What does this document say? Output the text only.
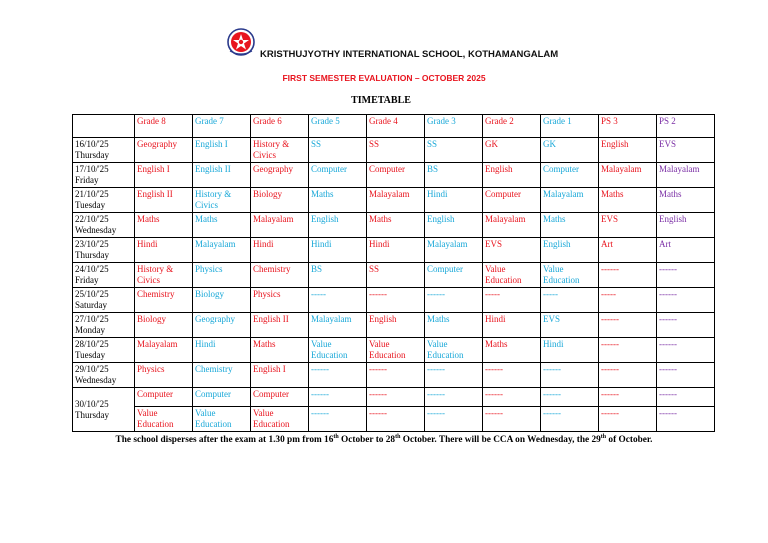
KRISTHUJYOTHY INTERNATIONAL SCHOOL, KOTHAMANGALAM
FIRST SEMESTER EVALUATION – OCTOBER 2025
TIMETABLE
	Grade 8	Grade 7	Grade 6	Grade 5	Grade 4	Grade 3	Grade 2	Grade 1	PS 3	PS 2

16/10/'25
Thursday	Geography	English I	History & Civics	SS	SS	SS	GK	GK	English	EVS

17/10/'25
Friday	English I	English II	Geography	Computer	Computer	BS	English	Computer	Malayalam	Malayalam

21/10/'25
Tuesday	English II	History & Civics	Biology	Maths	Malayalam	Hindi	Computer	Malayalam	Maths	Maths

22/10/'25
Wednesday	Maths	Maths	Malayalam	English	Maths	English	Malayalam	Maths	EVS	English

23/10/'25
Thursday	Hindi	Malayalam	Hindi	Hindi	Hindi	Malayalam	EVS	English	Art	Art

24/10/'25
Friday	History & Civics	Physics	Chemistry	BS	SS	Computer	Value Education	Value Education	------	------

25/10/'25
Saturday	Chemistry	Biology	Physics	-----	------	------	-----	-----	-----	------

27/10/'25
Monday	Biology	Geography	English II	Malayalam	English	Maths	Hindi	EVS	------	------

28/10/'25
Tuesday	Malayalam	Hindi	Maths	Value Education	Value Education	Value Education	Maths	Hindi	------	------

29/10/'25
Wednesday	Physics	Chemistry	English I	------	------	------	------	------	------	------

30/10/'25
Thursday	Computer	Computer	Computer	------	------	------	------	------	------	------
	Value Education	Value Education	Value Education	------	------	------	------	------	------	------
The school disperses after the exam at 1.30 pm from 16th October to 28th October. There will be CCA on Wednesday, the 29th of October.
